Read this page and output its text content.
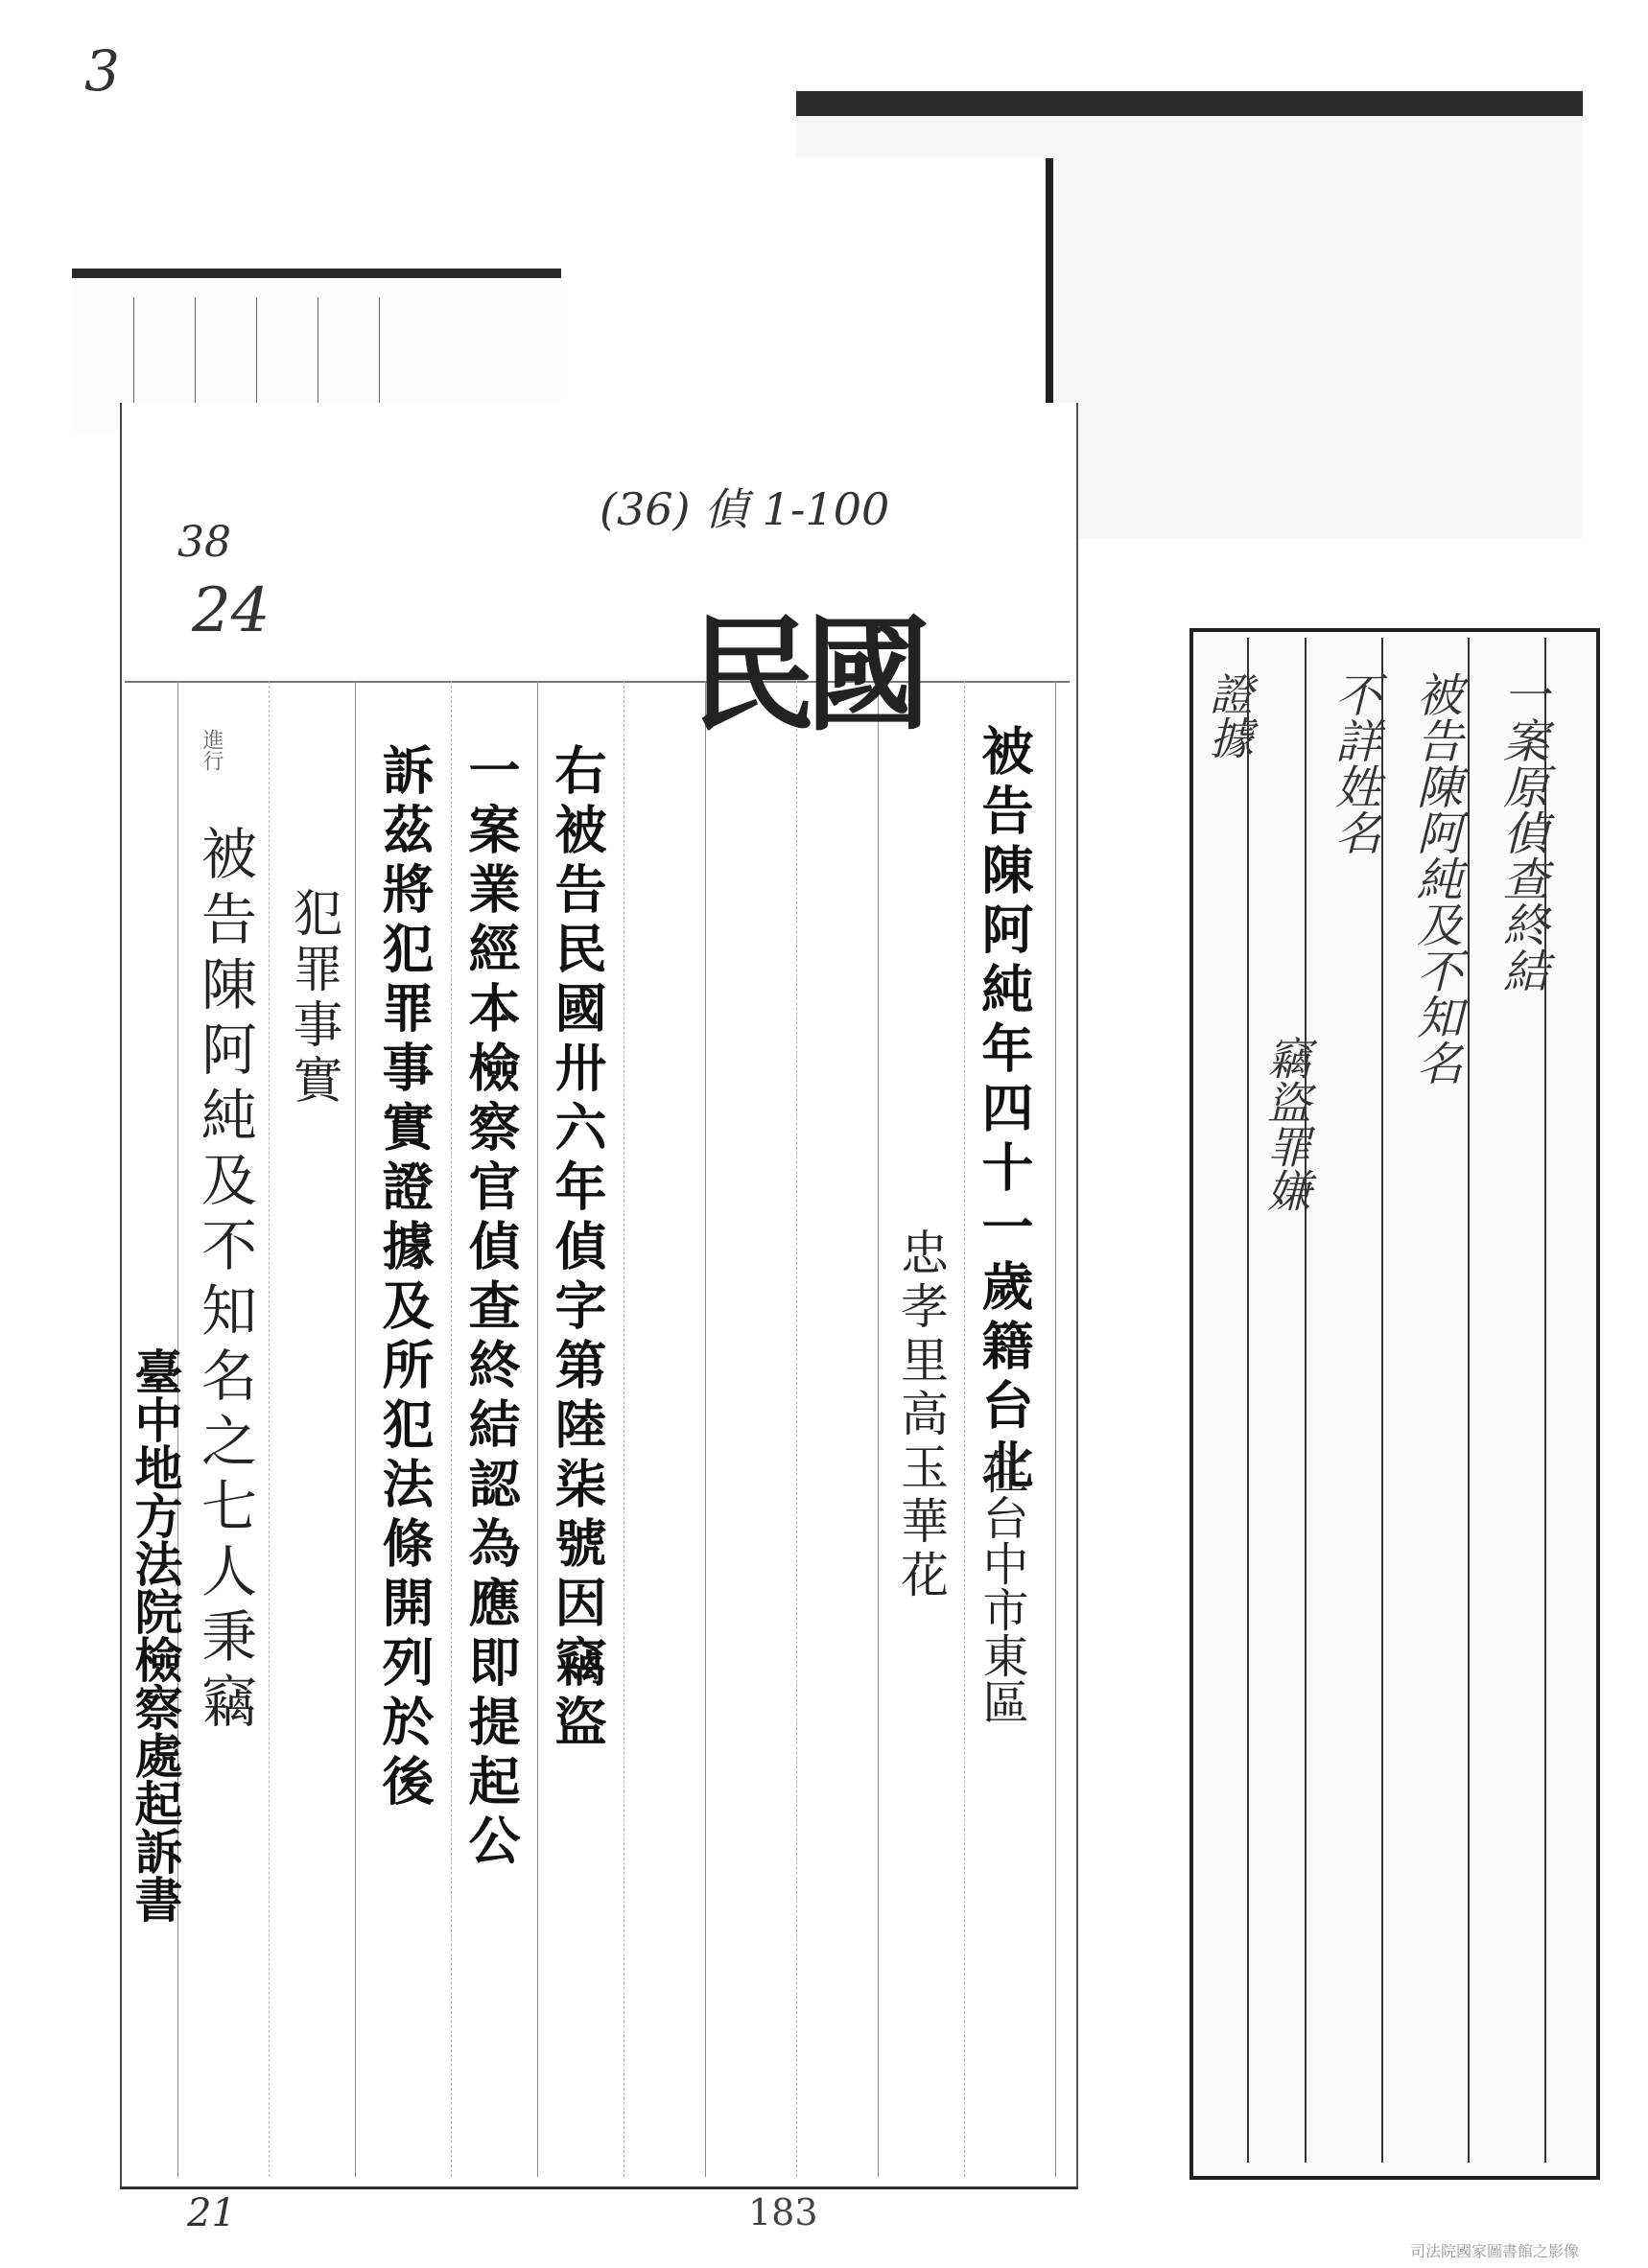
3
(36) 偵 1-100
38
24
183
21
司法院國家圖書館之影像
民國
被告陳阿純年四十一歲籍台北
住台中市東區
忠孝里高玉華花
右被告民國卅六年偵字第陸柒號因竊盜
一案業經本檢察官偵查終結認為應即提起公
訴茲將犯罪事實證據及所犯法條開列於後
犯罪事實
被告陳阿純及不知名之七人秉竊
進行
臺中地方法院檢察處起訴書
一案原偵查終結
被告陳阿純及不知名
不詳姓名
竊盜罪嫌
證據
